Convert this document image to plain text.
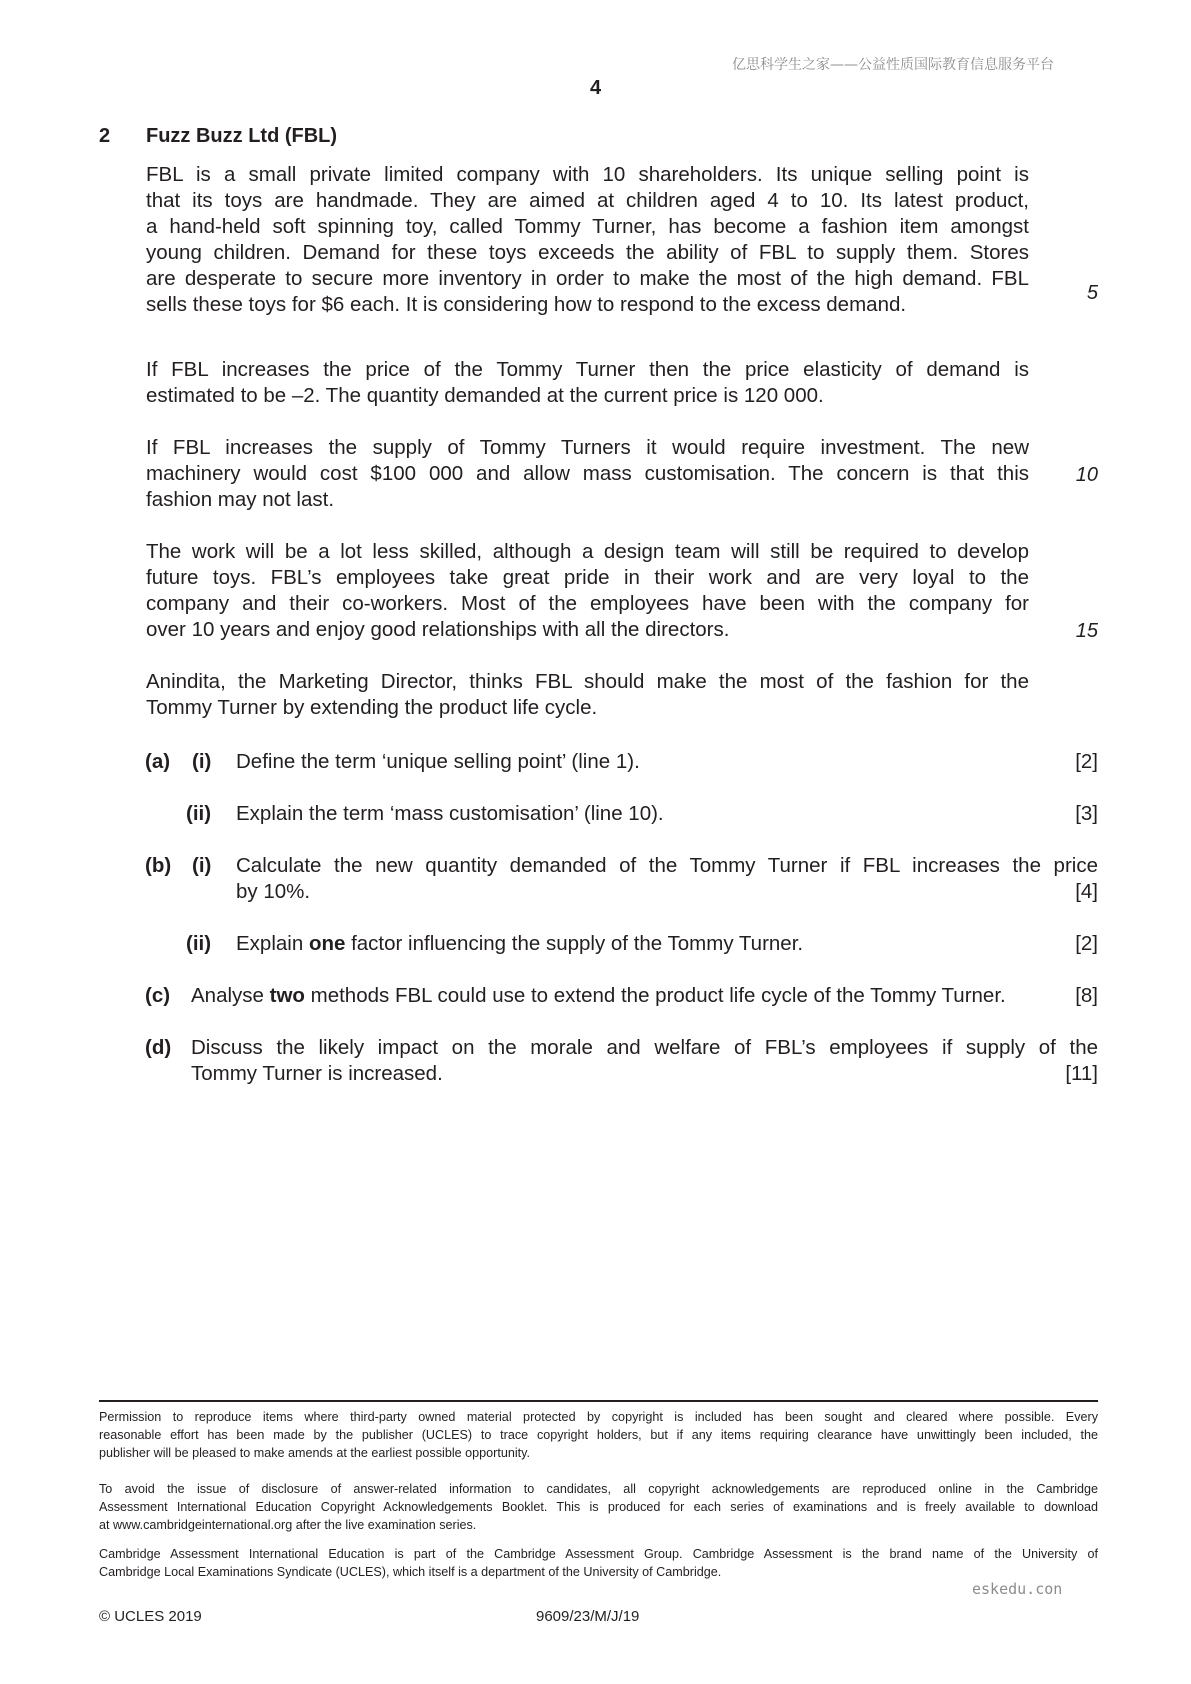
亿思科学生之家——公益性质国际教育信息服务平台
4
2 Fuzz Buzz Ltd (FBL)
FBL is a small private limited company with 10 shareholders. Its unique selling point is
that its toys are handmade. They are aimed at children aged 4 to 10. Its latest product,
a hand-held soft spinning toy, called Tommy Turner, has become a fashion item amongst
young children. Demand for these toys exceeds the ability of FBL to supply them. Stores
are desperate to secure more inventory in order to make the most of the high demand. FBL
sells these toys for $6 each. It is considering how to respond to the excess demand.
If FBL increases the price of the Tommy Turner then the price elasticity of demand is
estimated to be –2. The quantity demanded at the current price is 120 000.
If FBL increases the supply of Tommy Turners it would require investment. The new
machinery would cost $100 000 and allow mass customisation. The concern is that this
fashion may not last.
The work will be a lot less skilled, although a design team will still be required to develop
future toys. FBL’s employees take great pride in their work and are very loyal to the
company and their co-workers. Most of the employees have been with the company for
over 10 years and enjoy good relationships with all the directors.
Anindita, the Marketing Director, thinks FBL should make the most of the fashion for the
Tommy Turner by extending the product life cycle.
5
10
15
(a) (i) Define the term ‘unique selling point’ (line 1).	[2]
(ii) Explain the term ‘mass customisation’ (line 10).	[3]
(b) (i) Calculate the new quantity demanded of the Tommy Turner if FBL increases the price
by 10%.	[4]
(ii) Explain one factor influencing the supply of the Tommy Turner.	[2]
(c) Analyse two methods FBL could use to extend the product life cycle of the Tommy Turner.	[8]
(d) Discuss the likely impact on the morale and welfare of FBL’s employees if supply of the
Tommy Turner is increased.	[11]
Permission to reproduce items where third-party owned material protected by copyright is included has been sought and cleared where possible. Every
reasonable effort has been made by the publisher (UCLES) to trace copyright holders, but if any items requiring clearance have unwittingly been included, the
publisher will be pleased to make amends at the earliest possible opportunity.
To avoid the issue of disclosure of answer-related information to candidates, all copyright acknowledgements are reproduced online in the Cambridge
Assessment International Education Copyright Acknowledgements Booklet. This is produced for each series of examinations and is freely available to download
at www.cambridgeinternational.org after the live examination series.
Cambridge Assessment International Education is part of the Cambridge Assessment Group. Cambridge Assessment is the brand name of the University of
Cambridge Local Examinations Syndicate (UCLES), which itself is a department of the University of Cambridge.
eskedu.con
© UCLES 2019	9609/23/M/J/19
